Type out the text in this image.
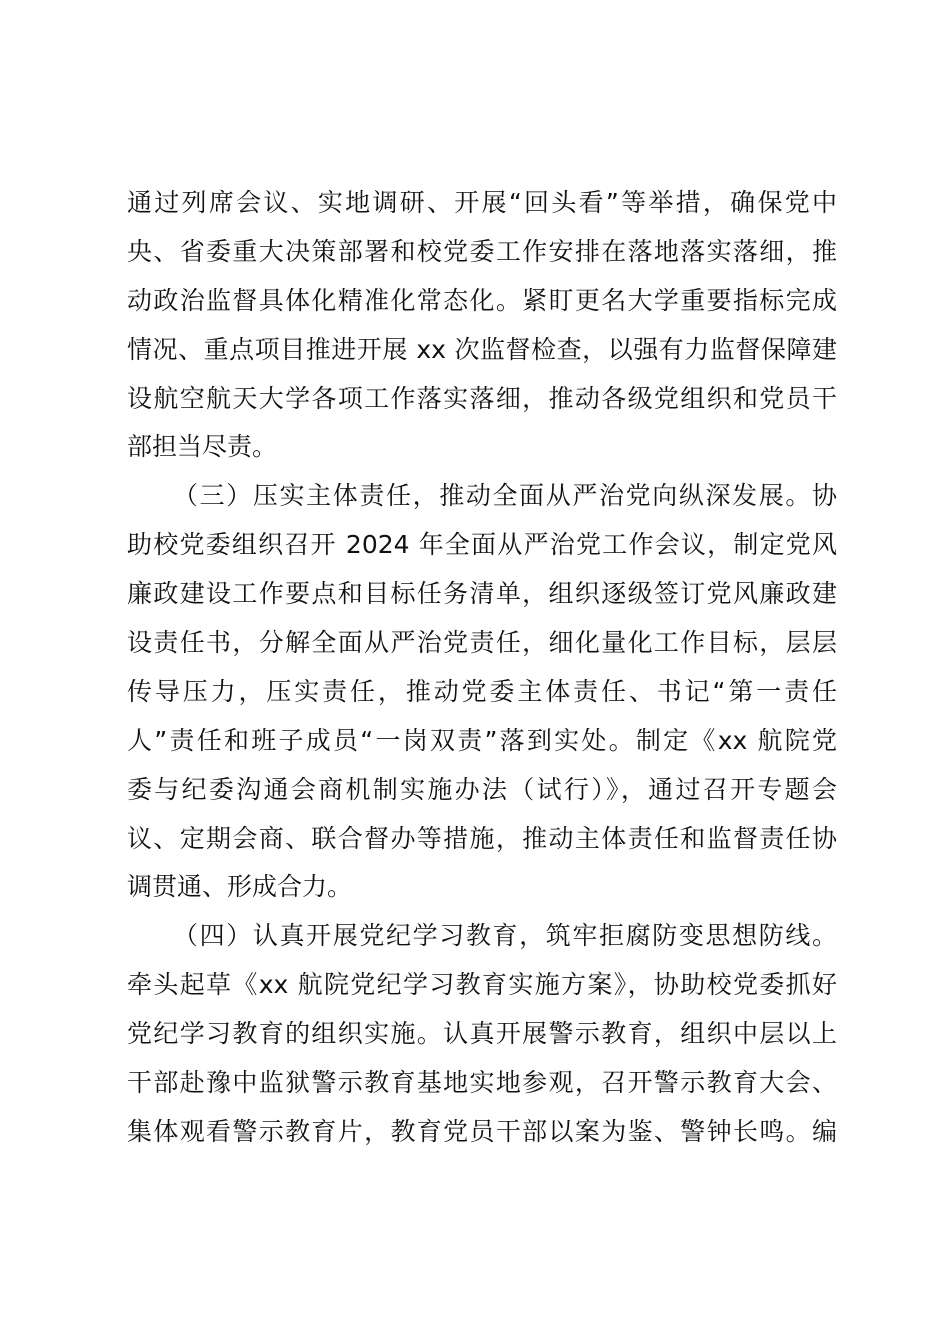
通过列席会议、实地调研、开展“回头看”等举措，确保党中
央、省委重大决策部署和校党委工作安排在落地落实落细，推
动政治监督具体化精准化常态化。紧盯更名大学重要指标完成
情况、重点项目推进开展 xx 次监督检查，以强有力监督保障建
设航空航天大学各项工作落实落细，推动各级党组织和党员干
部担当尽责。
（三）压实主体责任，推动全面从严治党向纵深发展。协
助校党委组织召开 2024 年全面从严治党工作会议，制定党风
廉政建设工作要点和目标任务清单，组织逐级签订党风廉政建
设责任书，分解全面从严治党责任，细化量化工作目标，层层
传导压力，压实责任，推动党委主体责任、书记“第一责任
人”责任和班子成员“一岗双责”落到实处。制定《xx 航院党
委与纪委沟通会商机制实施办法（试行）》，通过召开专题会
议、定期会商、联合督办等措施，推动主体责任和监督责任协
调贯通、形成合力。
（四）认真开展党纪学习教育，筑牢拒腐防变思想防线。
牵头起草《xx 航院党纪学习教育实施方案》，协助校党委抓好
党纪学习教育的组织实施。认真开展警示教育，组织中层以上
干部赴豫中监狱警示教育基地实地参观，召开警示教育大会、
集体观看警示教育片，教育党员干部以案为鉴、警钟长鸣。编
